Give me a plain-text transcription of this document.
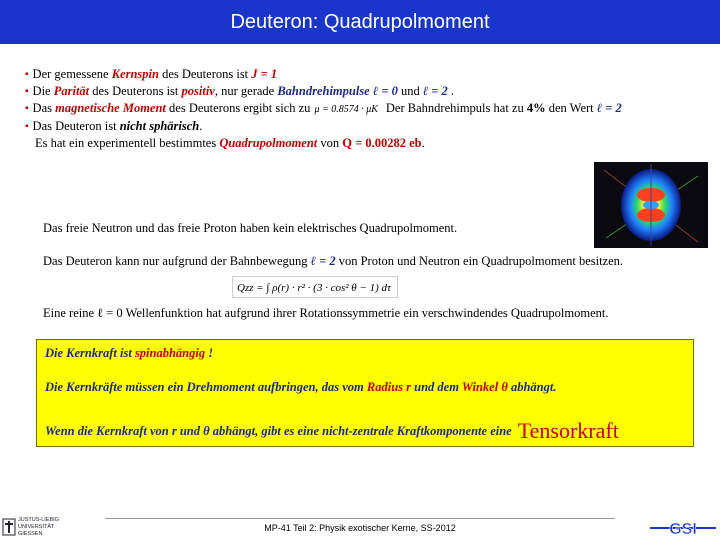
Deuteron: Quadrupolmoment
▪ Der gemessene Kernspin des Deuterons ist J = 1
▪ Die Parität des Deuterons ist positiv, nur gerade Bahndrehimpulse ℓ = 0 und ℓ = 2 .
▪ Das magnetische Moment des Deuterons ergibt sich zu μ = 0.8574 · μK Der Bahndrehimpuls hat zu 4% den Wert ℓ = 2
▪ Das Deuteron ist nicht sphärisch.
Es hat ein experimentell bestimmtes Quadrupolmoment von Q = 0.00282 eb.
Das freie Neutron und das freie Proton haben kein elektrisches Quadrupolmoment.
Das Deuteron kann nur aufgrund der Bahnbewegung ℓ = 2 von Proton und Neutron ein Quadrupolmoment besitzen.
Qzz = ∫ ρ(r) · r² · (3 · cos² θ − 1) dτ
Eine reine ℓ = 0 Wellenfunktion hat aufgrund ihrer Rotationssymmetrie ein verschwindendes Quadrupolmoment.
Die Kernkraft ist spinabhängig !
Die Kernkräfte müssen ein Drehmoment aufbringen, das vom Radius r und dem Winkel θ abhängt.
Wenn die Kernkraft von r und θ abhängt, gibt es eine nicht-zentrale Kraftkomponente eine Tensorkraft
JUSTUS-LIEBIG
UNIVERSITÄT
GIESSEN
MP-41 Teil 2: Physik exotischer Kerne, SS-2012	GSI
